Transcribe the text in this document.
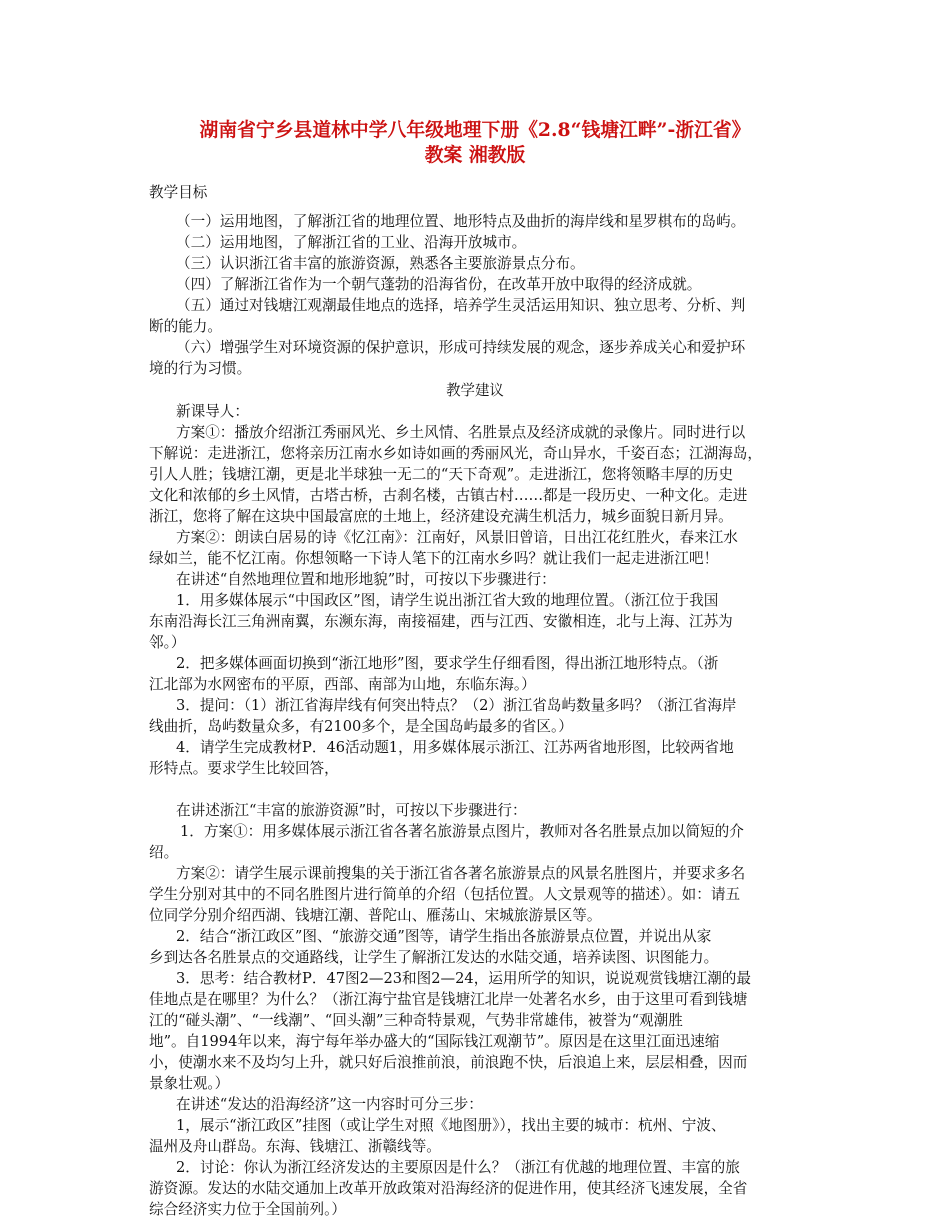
湖南省宁乡县道林中学八年级地理下册《2.8“钱塘江畔”-浙江省》
教案 湘教版
教学目标
（一）运用地图，了解浙江省的地理位置、地形特点及曲折的海岸线和星罗棋布的岛屿。
（二）运用地图，了解浙江省的工业、沿海开放城市。
（三）认识浙江省丰富的旅游资源，熟悉各主要旅游景点分布。
（四）了解浙江省作为一个朝气蓬勃的沿海省份，在改革开放中取得的经济成就。
（五）通过对钱塘江观潮最佳地点的选择，培养学生灵活运用知识、独立思考、分析、判
断的能力。
（六）增强学生对环境资源的保护意识，形成可持续发展的观念，逐步养成关心和爱护环
境的行为习惯。
教学建议
新课导人：
方案①：播放介绍浙江秀丽风光、乡土风情、名胜景点及经济成就的录像片。同时进行以
下解说：走进浙江，您将亲历江南水乡如诗如画的秀丽风光，奇山异水，千姿百态；江湖海岛，
引人人胜；钱塘江潮，更是北半球独一无二的“天下奇观”。走进浙江，您将领略丰厚的历史
文化和浓郁的乡土风情，古塔古桥，古刹名楼，古镇古村……都是一段历史、一种文化。走进
浙江，您将了解在这块中国最富庶的土地上，经济建设充满生机活力，城乡面貌日新月异。
方案②：朗读白居易的诗《忆江南》：江南好，风景旧曾谙，日出江花红胜火，春来江水
绿如兰，能不忆江南。你想领略一下诗人笔下的江南水乡吗？就让我们一起走进浙江吧！
在讲述“自然地理位置和地形地貌”时，可按以下步骤进行：
1．用多媒体展示“中国政区”图，请学生说出浙江省大致的地理位置。（浙江位于我国
东南沿海长江三角洲南翼，东濒东海，南接福建，西与江西、安徽相连，北与上海、江苏为
邻。）
2．把多媒体画面切换到“浙江地形”图，要求学生仔细看图，得出浙江地形特点。（浙
江北部为水网密布的平原，西部、南部为山地，东临东海。）
3．提问：（1）浙江省海岸线有何突出特点？（2）浙江省岛屿数量多吗？（浙江省海岸
线曲折，岛屿数量众多，有2100多个，是全国岛屿最多的省区。）
4．请学生完成教材P．46活动题1，用多媒体展示浙江、江苏两省地形图，比较两省地
形特点。要求学生比较回答，
在讲述浙江“丰富的旅游资源”时，可按以下步骤进行：
1．方案①：用多媒体展示浙江省各著名旅游景点图片，教师对各名胜景点加以简短的介
绍。
方案②：请学生展示课前搜集的关于浙江省各著名旅游景点的风景名胜图片，并要求多名
学生分别对其中的不同名胜图片进行简单的介绍（包括位置。人文景观等的描述）。如：请五
位同学分别介绍西湖、钱塘江潮、普陀山、雁荡山、宋城旅游景区等。
2．结合“浙江政区”图、“旅游交通”图等，请学生指出各旅游景点位置，并说出从家
乡到达各名胜景点的交通路线，让学生了解浙江发达的水陆交通，培养读图、识图能力。
3．思考：结合教材P．47图2—23和图2—24，运用所学的知识，说说观赏钱塘江潮的最
佳地点是在哪里？为什么？（浙江海宁盐官是钱塘江北岸一处著名水乡，由于这里可看到钱塘
江的“碰头潮”、“一线潮”、“回头潮”三种奇特景观，气势非常雄伟，被誉为“观潮胜
地”。自1994年以来，海宁每年举办盛大的“国际钱江观潮节”。原因是在这里江面迅速缩
小，使潮水来不及均匀上升，就只好后浪推前浪，前浪跑不快，后浪追上来，层层相叠，因而
景象壮观。）
在讲述“发达的沿海经济”这一内容时可分三步：
1，展示“浙江政区”挂图（或让学生对照《地图册》），找出主要的城市：杭州、宁波、
温州及舟山群岛。东海、钱塘江、浙赣线等。
2．讨论：你认为浙江经济发达的主要原因是什么？（浙江有优越的地理位置、丰富的旅
游资源。发达的水陆交通加上改革开放政策对沿海经济的促进作用，使其经济飞速发展，全省
综合经济实力位于全国前列。）
